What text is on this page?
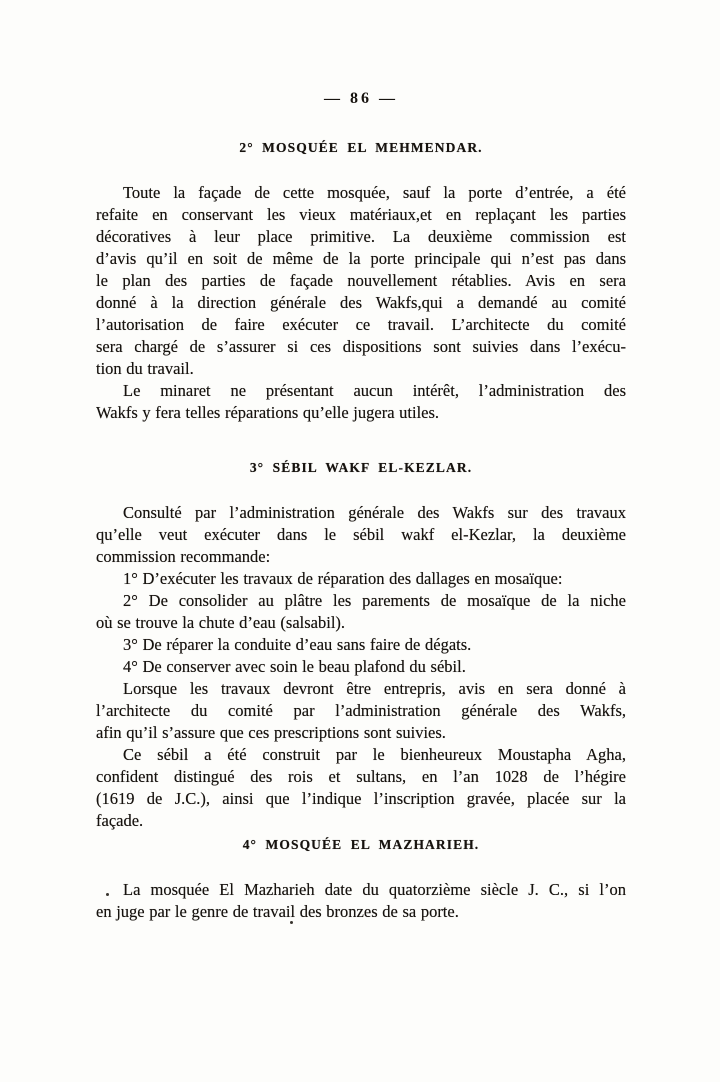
— 86 —
2° MOSQUÉE EL MEHMENDAR.
Toute la façade de cette mosquée, sauf la porte d’entrée, a été
refaite en conservant les vieux matériaux,et en replaçant les parties
décoratives à leur place primitive. La deuxième commission est
d’avis qu’il en soit de même de la porte principale qui n’est pas dans
le plan des parties de façade nouvellement rétablies. Avis en sera
donné à la direction générale des Wakfs,qui a demandé au comité
l’autorisation de faire exécuter ce travail. L’architecte du comité
sera chargé de s’assurer si ces dispositions sont suivies dans l’exécu-
tion du travail.
Le minaret ne présentant aucun intérêt, l’administration des
Wakfs y fera telles réparations qu’elle jugera utiles.
3° SÉBIL WAKF EL-KEZLAR.
Consulté par l’administration générale des Wakfs sur des travaux
qu’elle veut exécuter dans le sébil wakf el-Kezlar, la deuxième
commission recommande:
1° D’exécuter les travaux de réparation des dallages en mosaïque:
2° De consolider au plâtre les parements de mosaïque de la niche
où se trouve la chute d’eau (salsabil).
3° De réparer la conduite d’eau sans faire de dégats.
4° De conserver avec soin le beau plafond du sébil.
Lorsque les travaux devront être entrepris, avis en sera donné à
l’architecte du comité par l’administration générale des Wakfs,
afin qu’il s’assure que ces prescriptions sont suivies.
Ce sébil a été construit par le bienheureux Moustapha Agha,
confident distingué des rois et sultans, en l’an 1028 de l’hégire
(1619 de J.C.), ainsi que l’indique l’inscription gravée, placée sur la
façade.
4° MOSQUÉE EL MAZHARIEH.
La mosquée El Mazharieh date du quatorzième siècle J. C., si l’on
en juge par le genre de travail des bronzes de sa porte.
